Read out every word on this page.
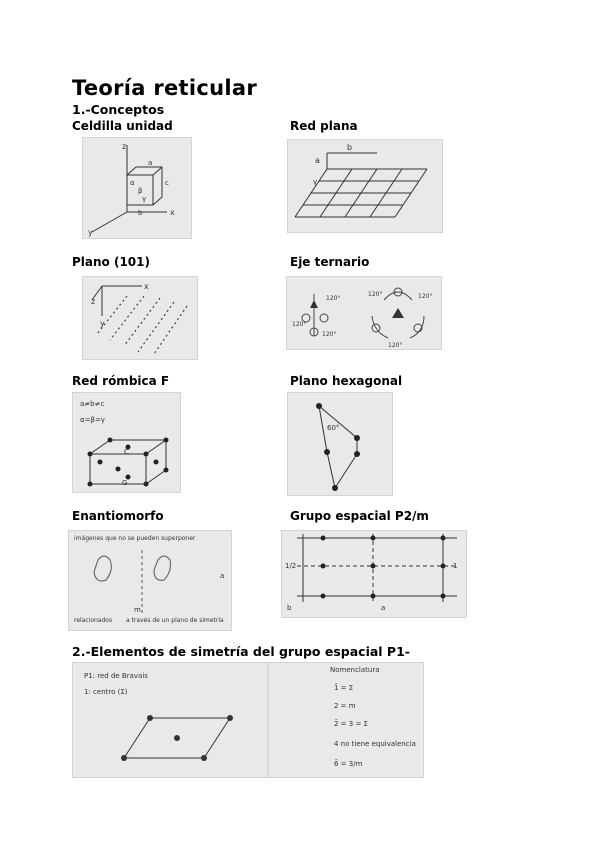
Teoría reticular
1.-Conceptos
Celdilla unidad	Red plana
z
x
y
c
b
a
β
α
γ
b
a
γ
Plano (101)	Eje ternario
x
z
y
120°
120°
120°
120°	120°
120°
Red rómbica F	Plano hexagonal
a≠b≠c
α=β=γ
C
G
60°
Enantiomorfo	Grupo espacial P2/m
imágenes que no se pueden superponer
m
a
relacionados a través de un plano de simetría
1/2	1
a
b
2.-Elementos de simetría del grupo espacial P1-
P1: red de Bravais
1: centro (Σ)
Nomenclatura
1̄ = Σ
2 = m
2̄ = 3 = Σ
4 no tiene equivalencia
6̄ = 3/m
